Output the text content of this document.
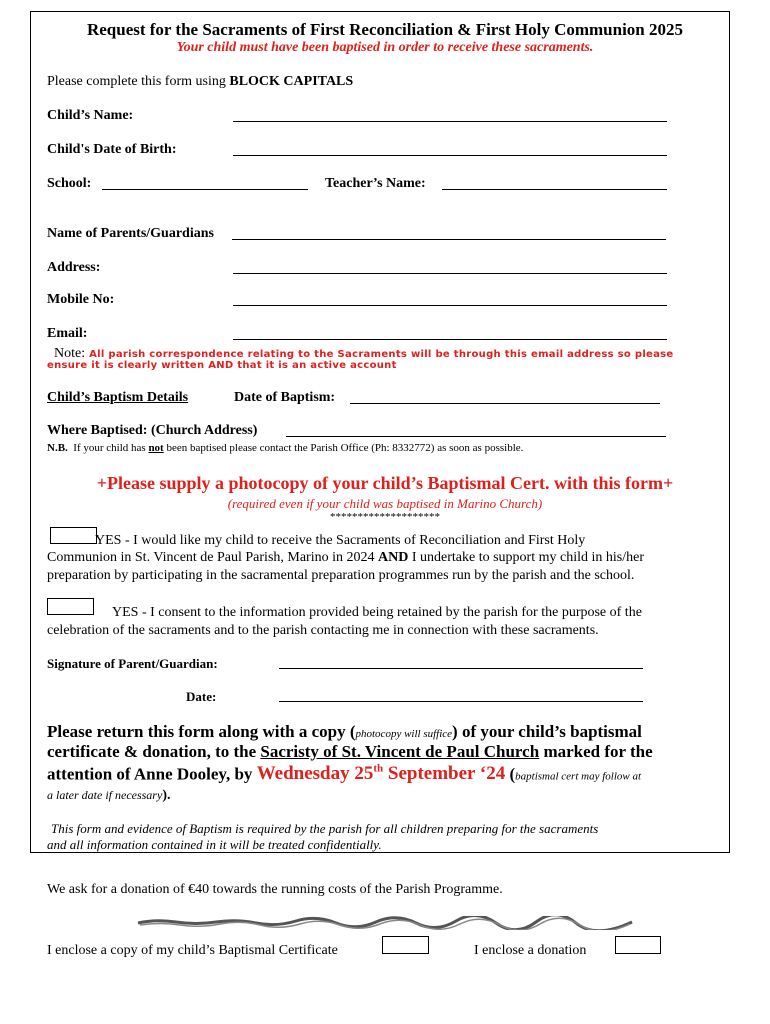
Request for the Sacraments of First Reconciliation & First Holy Communion 2025
Your child must have been baptised in order to receive these sacraments.
Please complete this form using BLOCK CAPITALS
Child’s Name:
Child's Date of Birth:
School:	Teacher’s Name:
Name of Parents/Guardians
Address:
Mobile No:
Email:
Note: All parish correspondence relating to the Sacraments will be through this email address so please
ensure it is clearly written AND that it is an active account
Child’s Baptism Details	Date of Baptism:
Where Baptised: (Church Address)
N.B. If your child has not been baptised please contact the Parish Office (Ph: 8332772) as soon as possible.
+Please supply a photocopy of your child’s Baptismal Cert. with this form+
(required even if your child was baptised in Marino Church)
********************
YES - I would like my child to receive the Sacraments of Reconciliation and First Holy
Communion in St. Vincent de Paul Parish, Marino in 2024 AND I undertake to support my child in his/her
preparation by participating in the sacramental preparation programmes run by the parish and the school.
YES - I consent to the information provided being retained by the parish for the purpose of the
celebration of the sacraments and to the parish contacting me in connection with these sacraments.
Signature of Parent/Guardian:
Date:
Please return this form along with a copy (photocopy will suffice) of your child’s baptismal
certificate & donation, to the Sacristy of St. Vincent de Paul Church marked for the
attention of Anne Dooley, by Wednesday 25th September ‘24 (baptismal cert may follow at
a later date if necessary).
This form and evidence of Baptism is required by the parish for all children preparing for the sacraments
and all information contained in it will be treated confidentially.
We ask for a donation of €40 towards the running costs of the Parish Programme.
I enclose a copy of my child’s Baptismal Certificate	I enclose a donation
